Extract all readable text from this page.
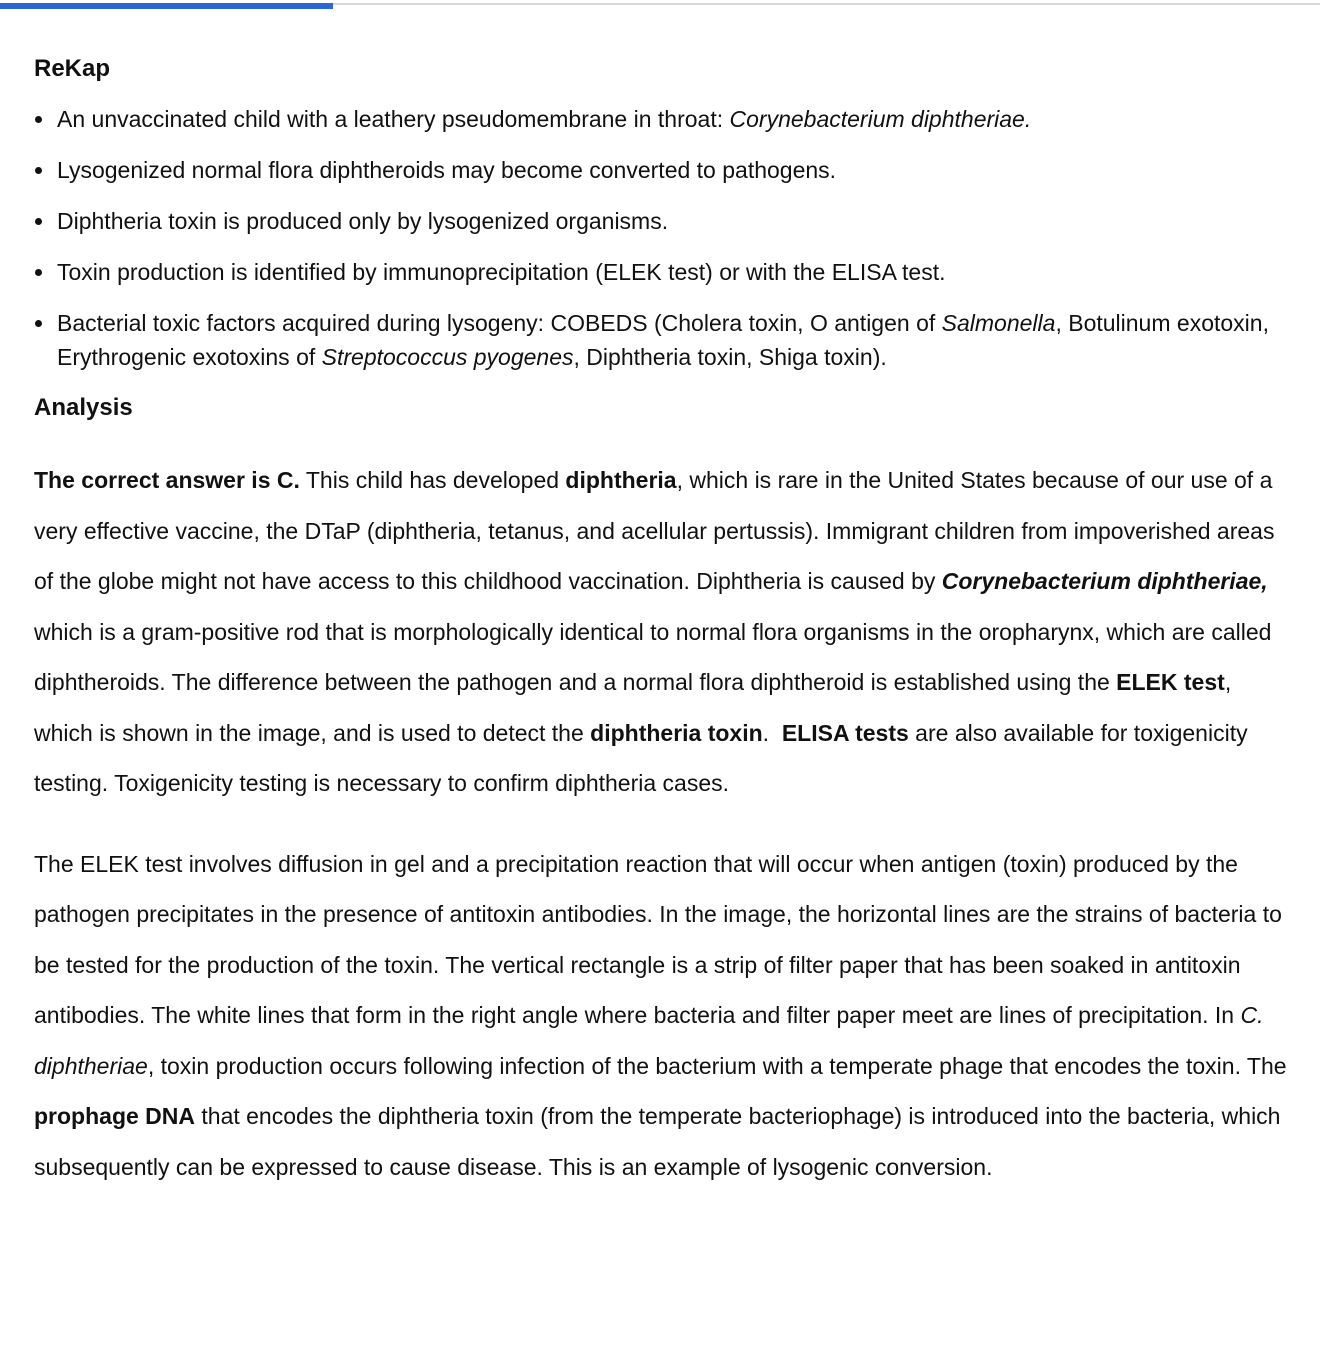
ReKap
An unvaccinated child with a leathery pseudomembrane in throat: Corynebacterium diphtheriae.
Lysogenized normal flora diphtheroids may become converted to pathogens.
Diphtheria toxin is produced only by lysogenized organisms.
Toxin production is identified by immunoprecipitation (ELEK test) or with the ELISA test.
Bacterial toxic factors acquired during lysogeny: COBEDS (Cholera toxin, O antigen of Salmonella, Botulinum exotoxin, Erythrogenic exotoxins of Streptococcus pyogenes, Diphtheria toxin, Shiga toxin).
Analysis

The correct answer is C. This child has developed diphtheria, which is rare in the United States because of our use of a very effective vaccine, the DTaP (diphtheria, tetanus, and acellular pertussis). Immigrant children from impoverished areas of the globe might not have access to this childhood vaccination. Diphtheria is caused by Corynebacterium diphtheriae, which is a gram-positive rod that is morphologically identical to normal flora organisms in the oropharynx, which are called diphtheroids. The difference between the pathogen and a normal flora diphtheroid is established using the ELEK test, which is shown in the image, and is used to detect the diphtheria toxin.  ELISA tests are also available for toxigenicity testing. Toxigenicity testing is necessary to confirm diphtheria cases.

The ELEK test involves diffusion in gel and a precipitation reaction that will occur when antigen (toxin) produced by the pathogen precipitates in the presence of antitoxin antibodies. In the image, the horizontal lines are the strains of bacteria to be tested for the production of the toxin. The vertical rectangle is a strip of filter paper that has been soaked in antitoxin antibodies. The white lines that form in the right angle where bacteria and filter paper meet are lines of precipitation. In C. diphtheriae, toxin production occurs following infection of the bacterium with a temperate phage that encodes the toxin. The prophage DNA that encodes the diphtheria toxin (from the temperate bacteriophage) is introduced into the bacteria, which subsequently can be expressed to cause disease. This is an example of lysogenic conversion.
